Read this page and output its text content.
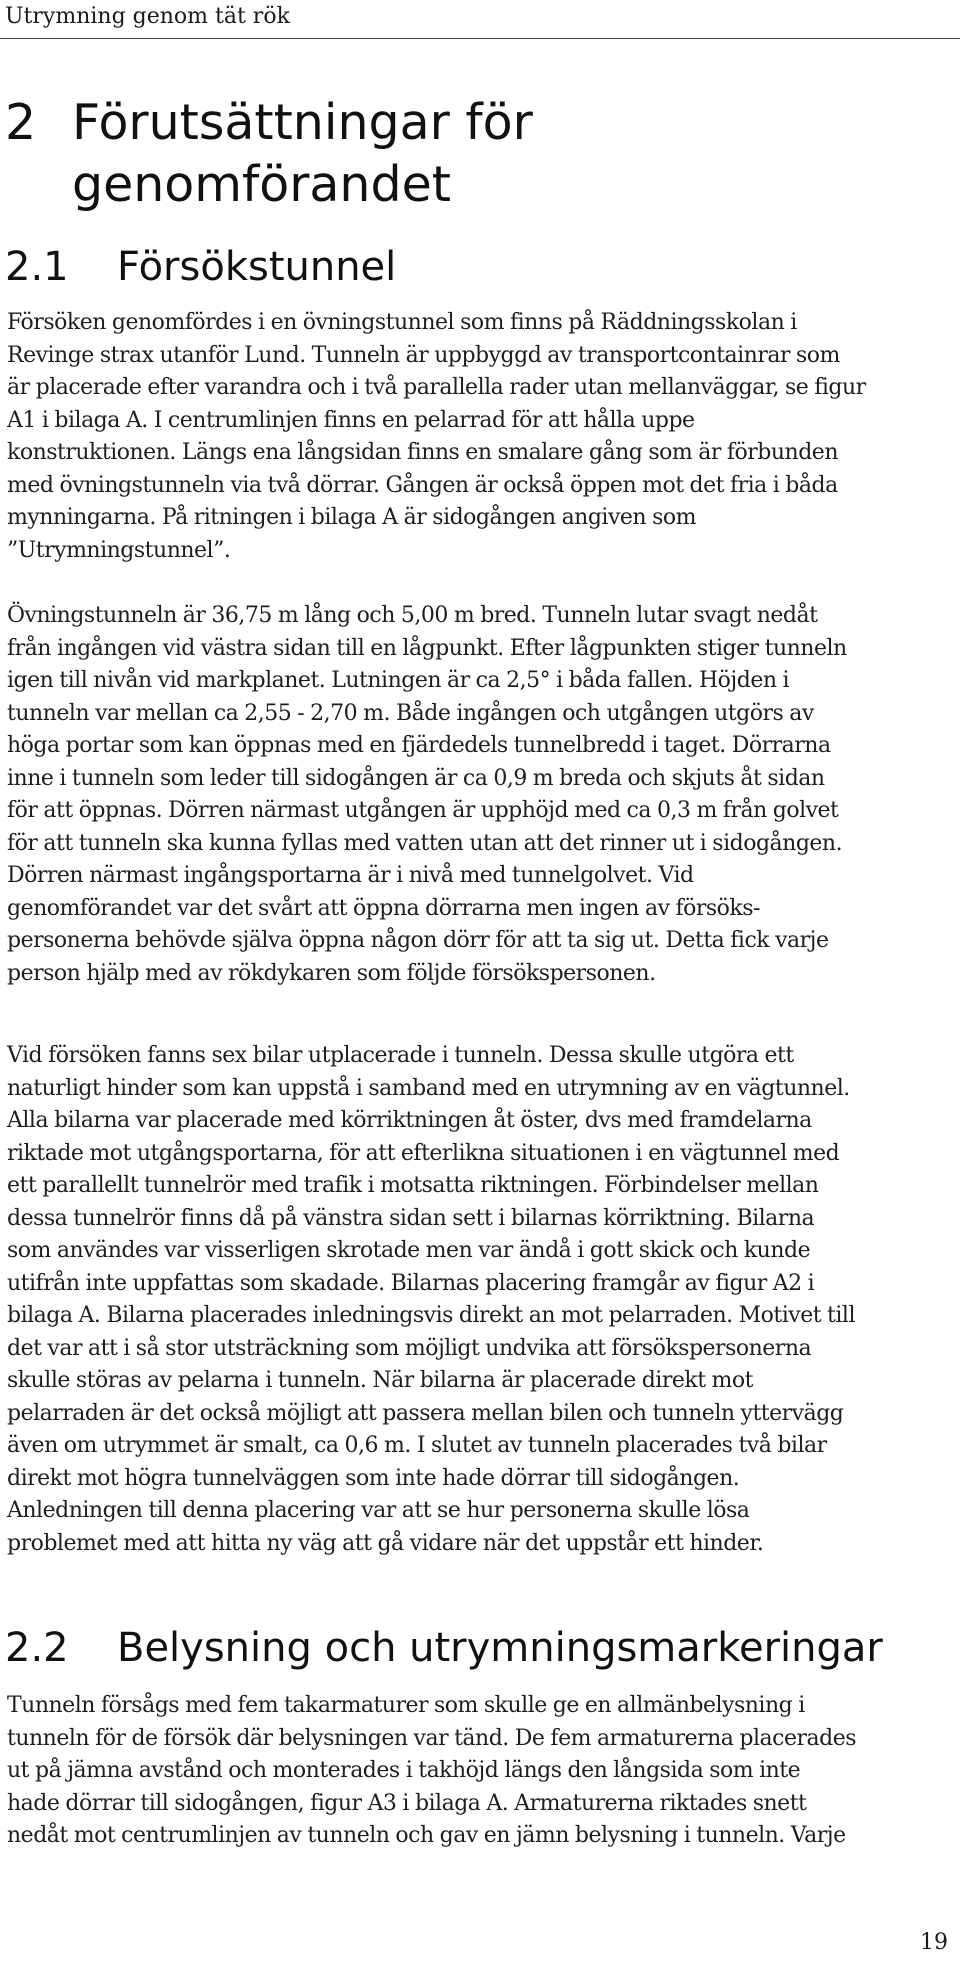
Utrymning genom tät rök

2 Förutsättningar för genomförandet
2.1 Försökstunnel

Försöken genomfördes i en övningstunnel som finns på Räddningsskolan i
Revinge strax utanför Lund. Tunneln är uppbyggd av transportcontainrar som
är placerade efter varandra och i två parallella rader utan mellanväggar, se figur
A1 i bilaga A. I centrumlinjen finns en pelarrad för att hålla uppe
konstruktionen. Längs ena långsidan finns en smalare gång som är förbunden
med övningstunneln via två dörrar. Gången är också öppen mot det fria i båda
mynningarna. På ritningen i bilaga A är sidogången angiven som
”Utrymningstunnel”.

Övningstunneln är 36,75 m lång och 5,00 m bred. Tunneln lutar svagt nedåt
från ingången vid västra sidan till en lågpunkt. Efter lågpunkten stiger tunneln
igen till nivån vid markplanet. Lutningen är ca 2,5° i båda fallen. Höjden i
tunneln var mellan ca 2,55 - 2,70 m. Både ingången och utgången utgörs av
höga portar som kan öppnas med en fjärdedels tunnelbredd i taget. Dörrarna
inne i tunneln som leder till sidogången är ca 0,9 m breda och skjuts åt sidan
för att öppnas. Dörren närmast utgången är upphöjd med ca 0,3 m från golvet
för att tunneln ska kunna fyllas med vatten utan att det rinner ut i sidogången.
Dörren närmast ingångsportarna är i nivå med tunnelgolvet. Vid
genomförandet var det svårt att öppna dörrarna men ingen av försöks-
personerna behövde själva öppna någon dörr för att ta sig ut. Detta fick varje
person hjälp med av rökdykaren som följde försökspersonen.

Vid försöken fanns sex bilar utplacerade i tunneln. Dessa skulle utgöra ett
naturligt hinder som kan uppstå i samband med en utrymning av en vägtunnel.
Alla bilarna var placerade med körriktningen åt öster, dvs med framdelarna
riktade mot utgångsportarna, för att efterlikna situationen i en vägtunnel med
ett parallellt tunnelrör med trafik i motsatta riktningen. Förbindelser mellan
dessa tunnelrör finns då på vänstra sidan sett i bilarnas körriktning. Bilarna
som användes var visserligen skrotade men var ändå i gott skick och kunde
utifrån inte uppfattas som skadade. Bilarnas placering framgår av figur A2 i
bilaga A. Bilarna placerades inledningsvis direkt an mot pelarraden. Motivet till
det var att i så stor utsträckning som möjligt undvika att försökspersonerna
skulle störas av pelarna i tunneln. När bilarna är placerade direkt mot
pelarraden är det också möjligt att passera mellan bilen och tunneln yttervägg
även om utrymmet är smalt, ca 0,6 m. I slutet av tunneln placerades två bilar
direkt mot högra tunnelväggen som inte hade dörrar till sidogången.
Anledningen till denna placering var att se hur personerna skulle lösa
problemet med att hitta ny väg att gå vidare när det uppstår ett hinder.

2.2 Belysning och utrymningsmarkeringar

Tunneln försågs med fem takarmaturer som skulle ge en allmänbelysning i
tunneln för de försök där belysningen var tänd. De fem armaturerna placerades
ut på jämna avstånd och monterades i takhöjd längs den långsida som inte
hade dörrar till sidogången, figur A3 i bilaga A. Armaturerna riktades snett
nedåt mot centrumlinjen av tunneln och gav en jämn belysning i tunneln. Varje

19
